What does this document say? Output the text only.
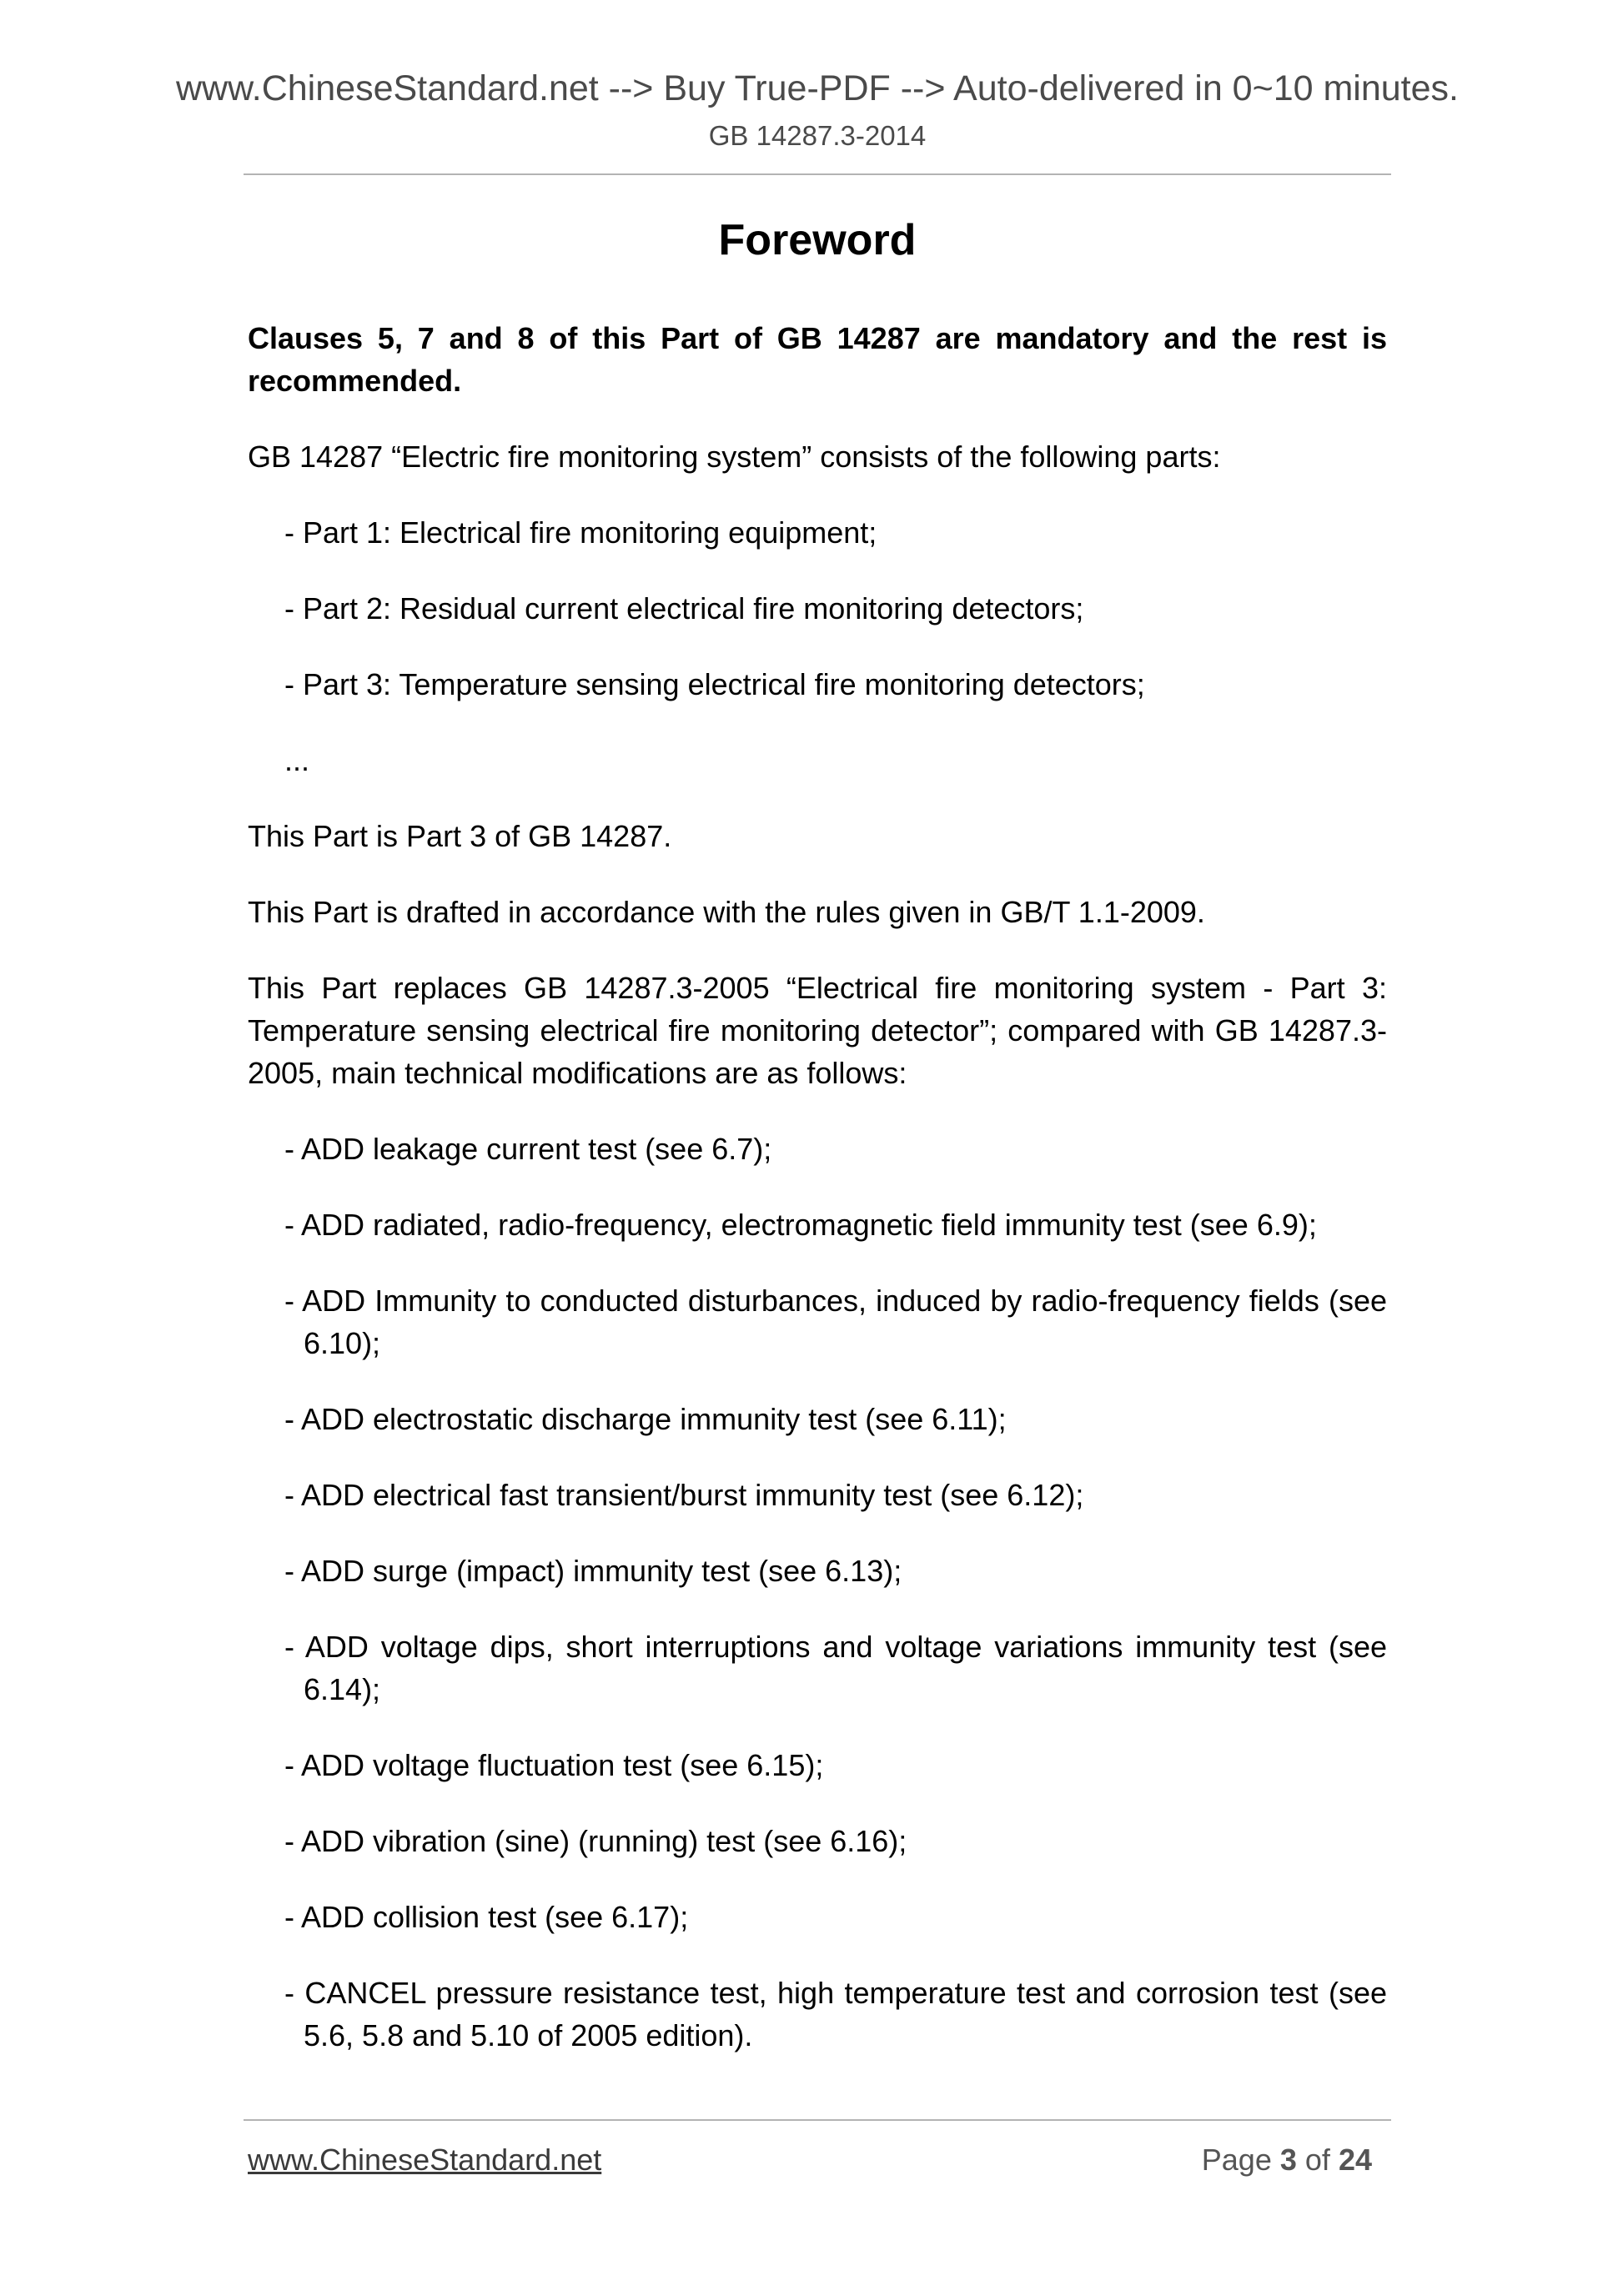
www.ChineseStandard.net --> Buy True-PDF --> Auto-delivered in 0~10 minutes.
GB 14287.3-2014
Foreword
Clauses 5, 7 and 8 of this Part of GB 14287 are mandatory and the rest is
recommended.
GB 14287 “Electric fire monitoring system” consists of the following parts:
- Part 1: Electrical fire monitoring equipment;
- Part 2: Residual current electrical fire monitoring detectors;
- Part 3: Temperature sensing electrical fire monitoring detectors;
...
This Part is Part 3 of GB 14287.
This Part is drafted in accordance with the rules given in GB/T 1.1-2009.
This Part replaces GB 14287.3-2005 “Electrical fire monitoring system - Part 3:
Temperature sensing electrical fire monitoring detector”; compared with GB 14287.3-
2005, main technical modifications are as follows:
- ADD leakage current test (see 6.7);
- ADD radiated, radio-frequency, electromagnetic field immunity test (see 6.9);
- ADD Immunity to conducted disturbances, induced by radio-frequency fields (see
6.10);
- ADD electrostatic discharge immunity test (see 6.11);
- ADD electrical fast transient/burst immunity test (see 6.12);
- ADD surge (impact) immunity test (see 6.13);
- ADD voltage dips, short interruptions and voltage variations immunity test (see
6.14);
- ADD voltage fluctuation test (see 6.15);
- ADD vibration (sine) (running) test (see 6.16);
- ADD collision test (see 6.17);
- CANCEL pressure resistance test, high temperature test and corrosion test (see
5.6, 5.8 and 5.10 of 2005 edition).
www.ChineseStandard.net	Page 3 of 24
